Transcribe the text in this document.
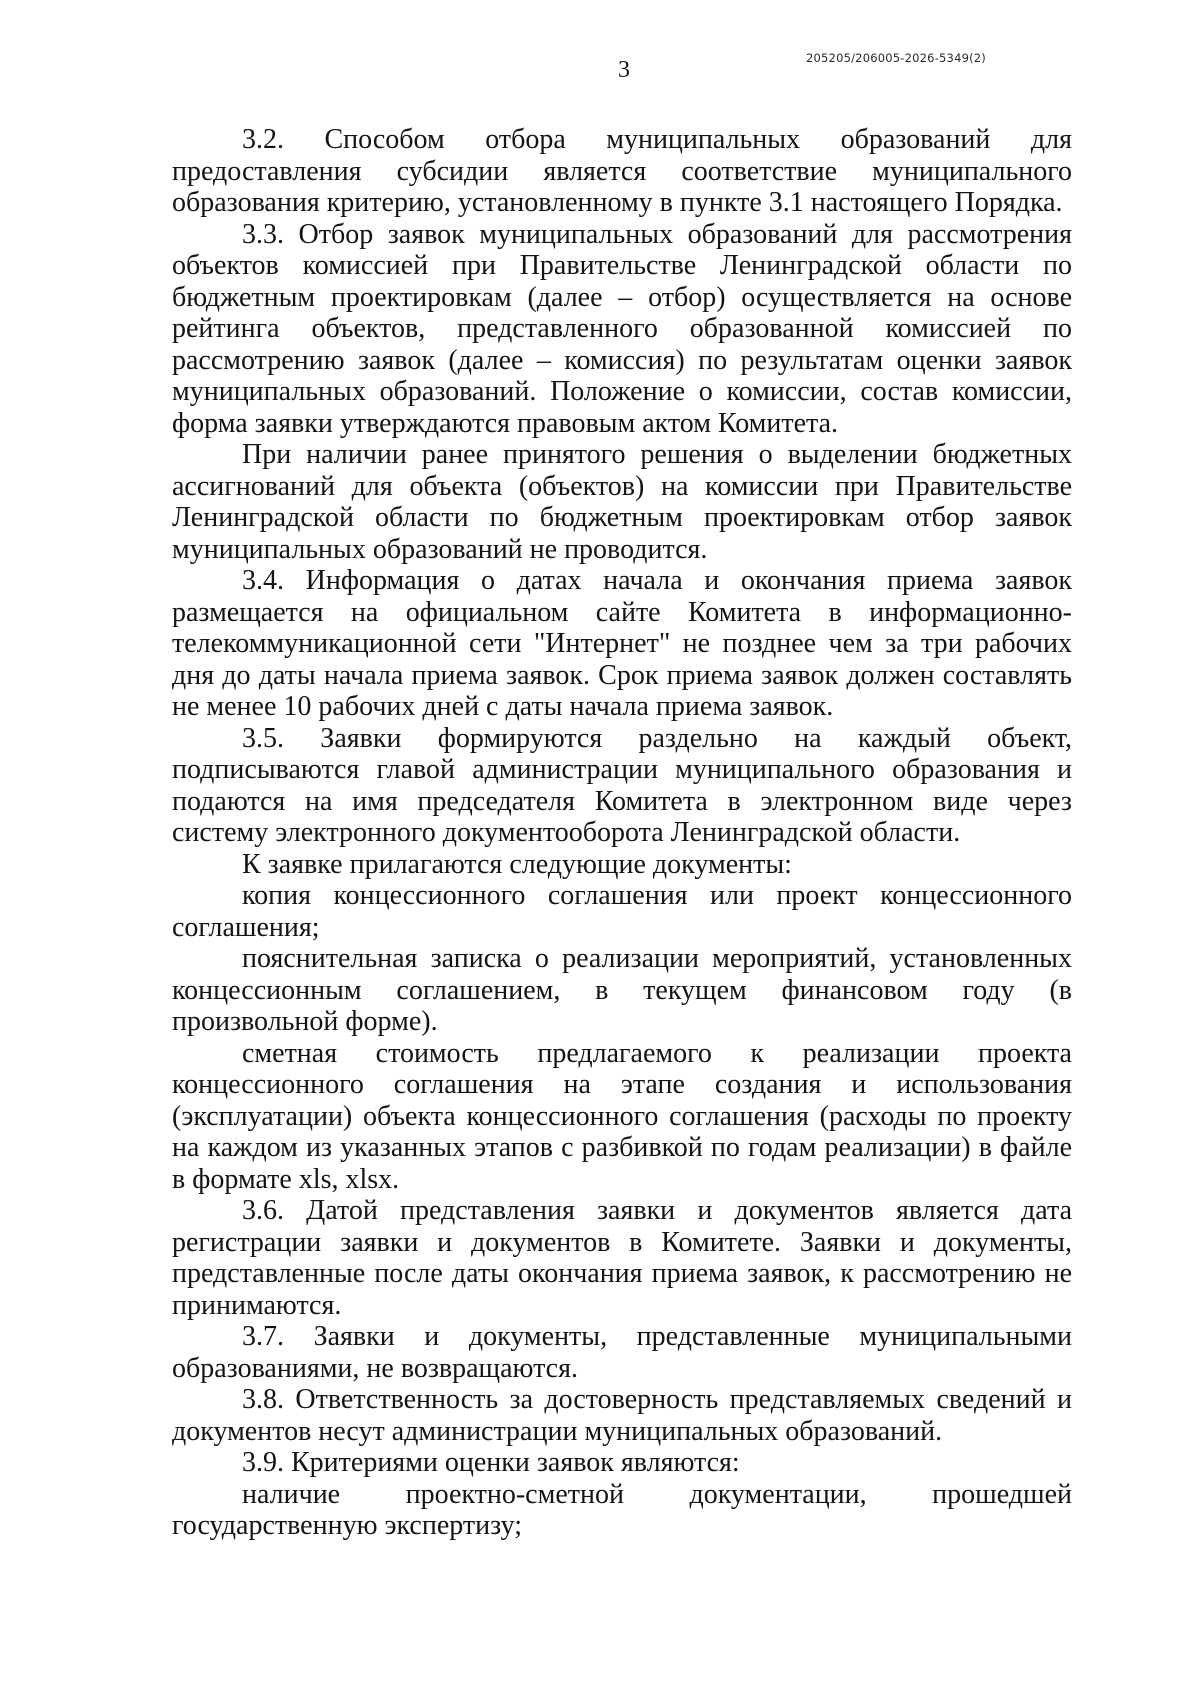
3	205205/206005-2026-5349(2)

3.2. Способом отбора муниципальных образований для предоставления субсидии является соответствие муниципального образования критерию, установленному в пункте 3.1 настоящего Порядка.

3.3. Отбор заявок муниципальных образований для рассмотрения объектов комиссией при Правительстве Ленинградской области по бюджетным проектировкам (далее – отбор) осуществляется на основе рейтинга объектов, представленного образованной комиссией по рассмотрению заявок (далее – комиссия) по результатам оценки заявок муниципальных образований. Положение о комиссии, состав комиссии, форма заявки утверждаются правовым актом Комитета.

При наличии ранее принятого решения о выделении бюджетных ассигнований для объекта (объектов) на комиссии при Правительстве Ленинградской области по бюджетным проектировкам отбор заявок муниципальных образований не проводится.

3.4. Информация о датах начала и окончания приема заявок размещается на официальном сайте Комитета в информационно-телекоммуникационной сети "Интернет" не позднее чем за три рабочих дня до даты начала приема заявок. Срок приема заявок должен составлять не менее 10 рабочих дней с даты начала приема заявок.

3.5. Заявки формируются раздельно на каждый объект, подписываются главой администрации муниципального образования и подаются на имя председателя Комитета в электронном виде через систему электронного документооборота Ленинградской области.

К заявке прилагаются следующие документы:

копия концессионного соглашения или проект концессионного соглашения;

пояснительная записка о реализации мероприятий, установленных концессионным соглашением, в текущем финансовом году (в произвольной форме).

сметная стоимость предлагаемого к реализации проекта концессионного соглашения на этапе создания и использования (эксплуатации) объекта концессионного соглашения (расходы по проекту на каждом из указанных этапов с разбивкой по годам реализации) в файле в формате xls, xlsx.

3.6. Датой представления заявки и документов является дата регистрации заявки и документов в Комитете. Заявки и документы, представленные после даты окончания приема заявок, к рассмотрению не принимаются.

3.7. Заявки и документы, представленные муниципальными образованиями, не возвращаются.

3.8. Ответственность за достоверность представляемых сведений и документов несут администрации муниципальных образований.

3.9. Критериями оценки заявок являются:

наличие проектно-сметной документации, прошедшей государственную экспертизу;
